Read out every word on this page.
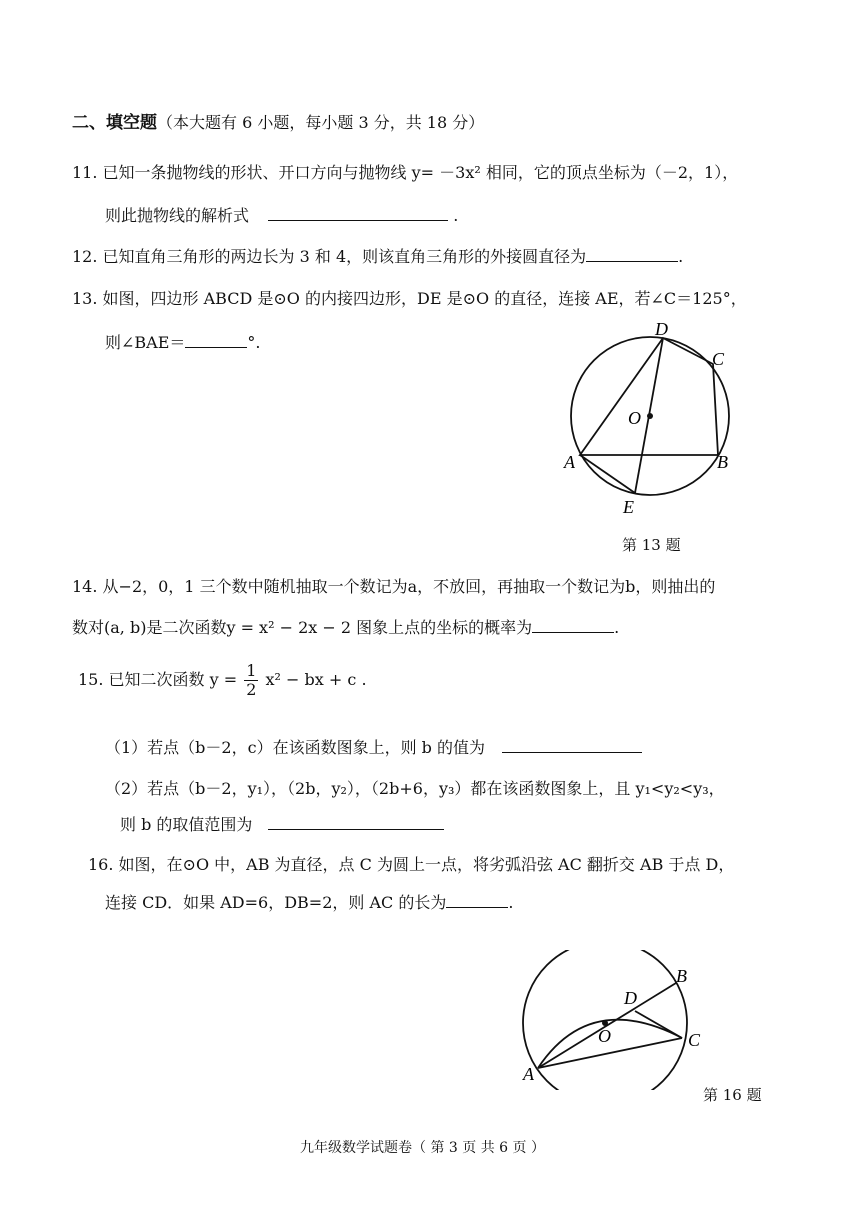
二、填空题（本大题有 6 小题，每小题 3 分，共 18 分）
11. 已知一条抛物线的形状、开口方向与抛物线 y= －3x² 相同，它的顶点坐标为（－2，1），
则此抛物线的解析式	.
12. 已知直角三角形的两边长为 3 和 4，则该直角三角形的外接圆直径为	.
13. 如图，四边形 ABCD 是⊙O 的内接四边形，DE 是⊙O 的直径，连接 AE，若∠C＝125°，
则∠BAE＝	°.
D
C
O
A	B
E
第 13 题
14. 从−2，0，1 三个数中随机抽取一个数记为a，不放回，再抽取一个数记为b，则抽出的
数对(a, b)是二次函数y = x² − 2x − 2 图象上点的坐标的概率为	.
15. 已知二次函数 $y = \frac{1}{2} x^2$ − bx + c .
（1）若点（b－2，c）在该函数图象上，则 b 的值为
（2）若点（b－2，y₁），（2b，y₂），（2b+6，y₃）都在该函数图象上，且 y₁<y₂<y₃，
则 b 的取值范围为
16. 如图，在⊙O 中，AB 为直径，点 C 为圆上一点，将劣弧沿弦 AC 翻折交 AB 于点 D，
连接 CD．如果 AD=6，DB=2，则 AC 的长为	.
B
D
O	C
A
第 16 题
九年级数学试题卷（ 第 3 页 共 6 页 ）
